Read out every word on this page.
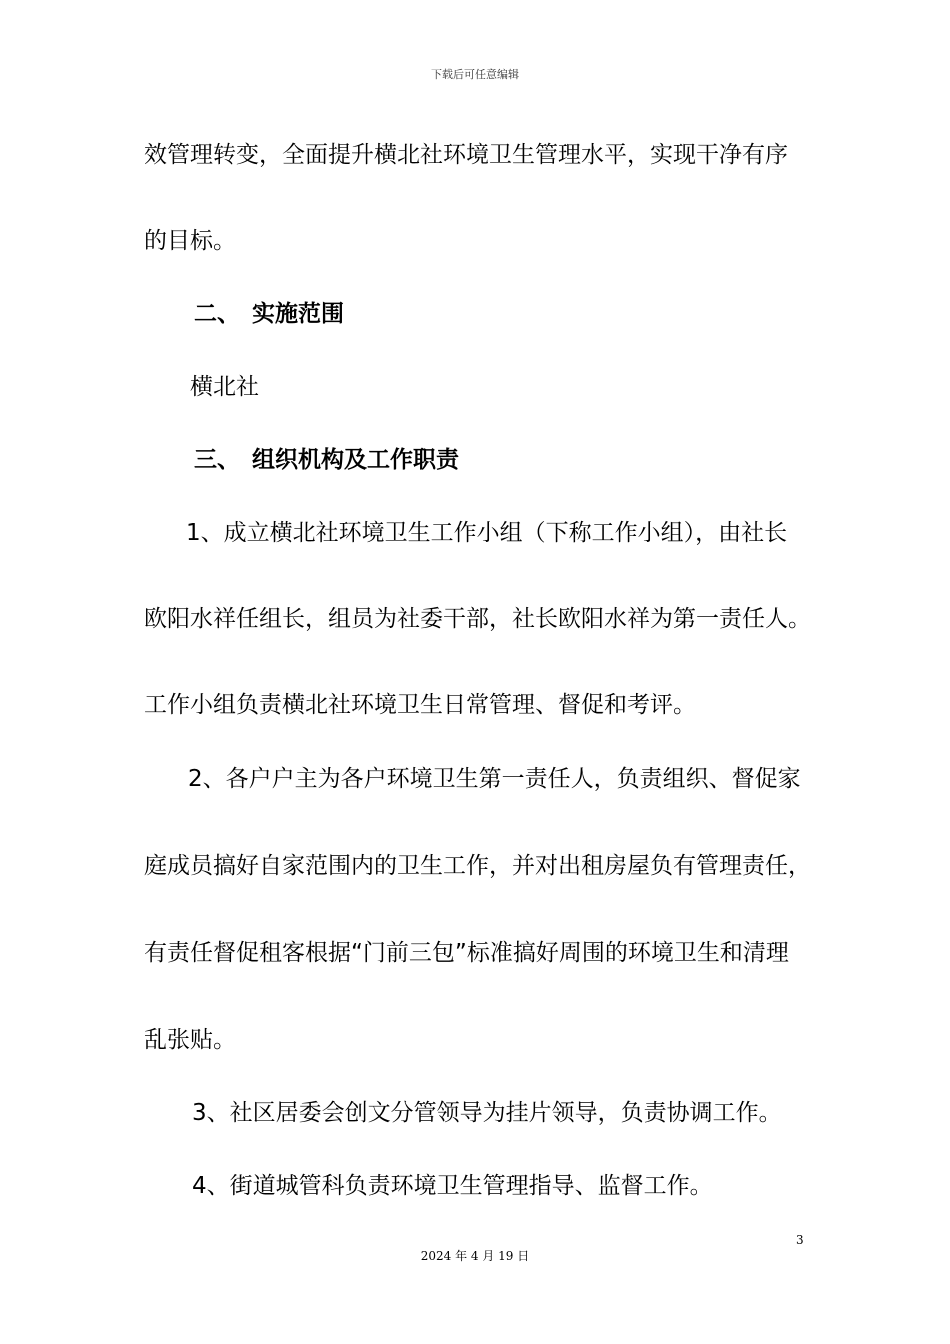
下载后可任意编辑
效管理转变，全面提升横北社环境卫生管理水平，实现干净有序
的目标。
二、 实施范围
横北社
三、 组织机构及工作职责
1、成立横北社环境卫生工作小组（下称工作小组），由社长
欧阳水祥任组长，组员为社委干部，社长欧阳水祥为第一责任人。
工作小组负责横北社环境卫生日常管理、督促和考评。
2、各户户主为各户环境卫生第一责任人，负责组织、督促家
庭成员搞好自家范围内的卫生工作，并对出租房屋负有管理责任，
有责任督促租客根据“门前三包”标准搞好周围的环境卫生和清理
乱张贴。
3、社区居委会创文分管领导为挂片领导，负责协调工作。
4、街道城管科负责环境卫生管理指导、监督工作。
3
2024 年 4 月 19 日
